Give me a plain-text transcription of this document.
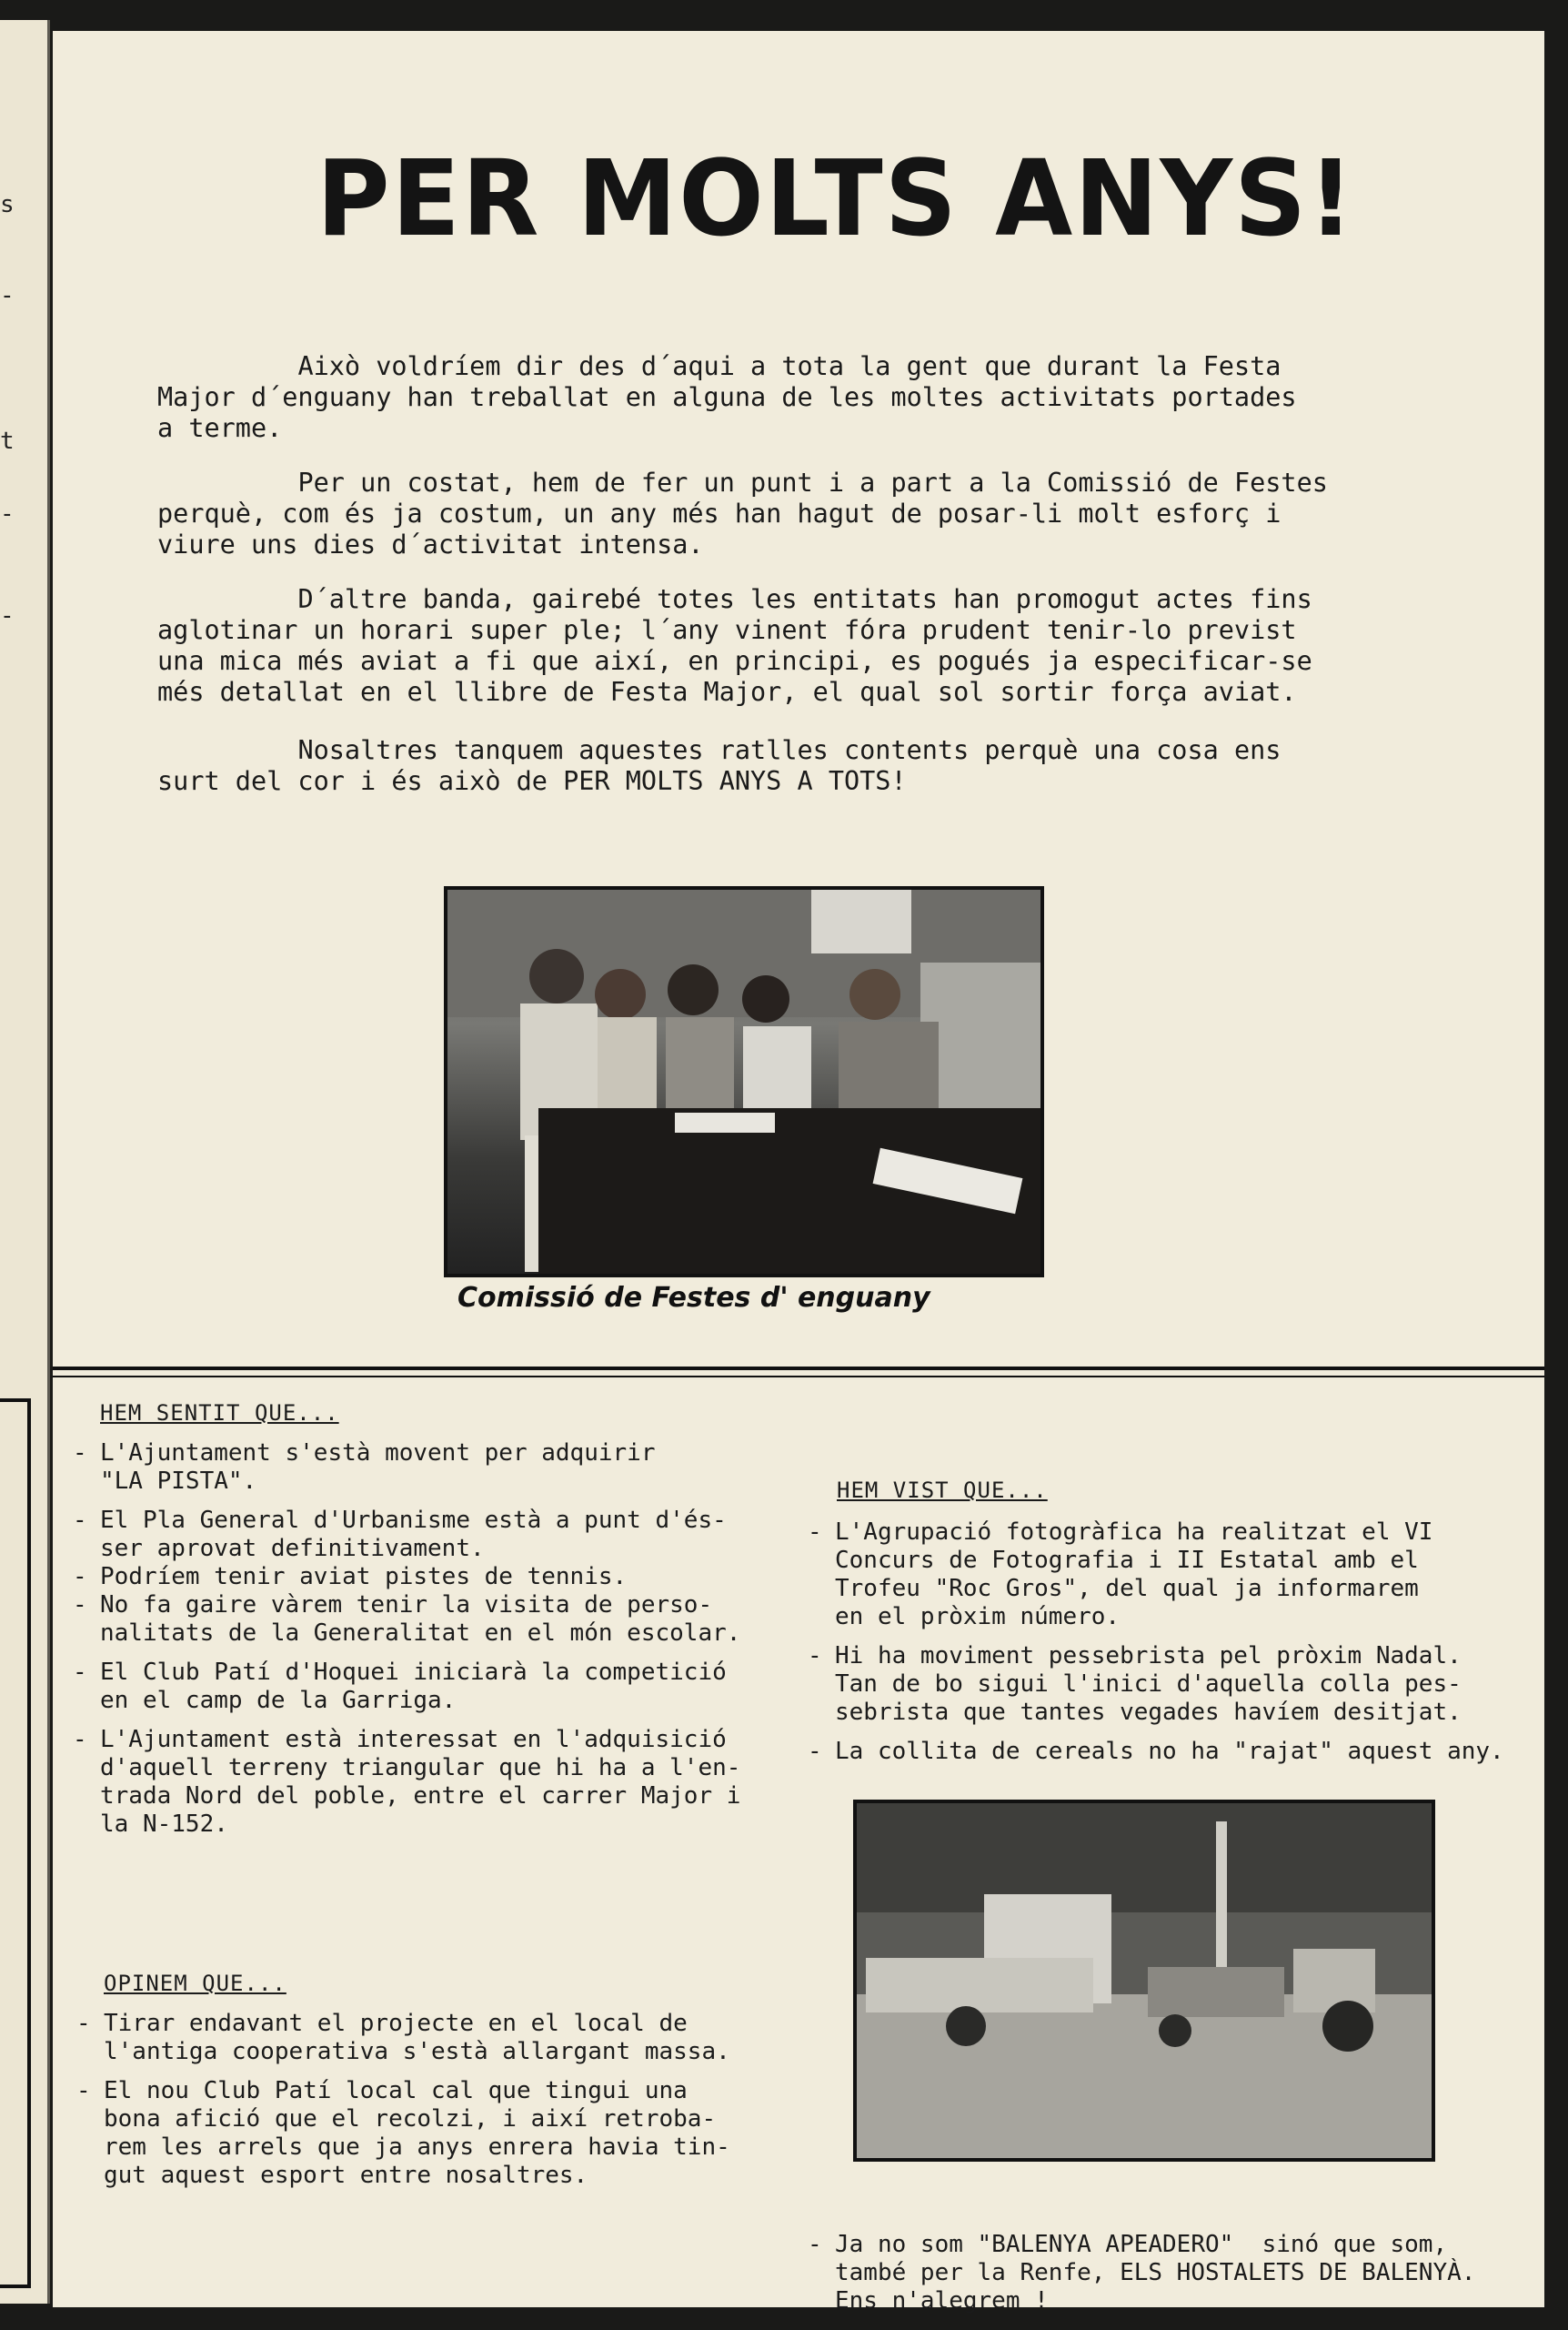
s
-
t
-
-
PER MOLTS ANYS!
Això voldríem dir des d´aqui a tota la gent que durant la Festa
Major d´enguany han treballat en alguna de les moltes activitats portades
a terme.
Per un costat, hem de fer un punt i a part a la Comissió de Festes
perquè, com és ja costum, un any més han hagut de posar-li molt esforç i
viure uns dies d´activitat intensa.
D´altre banda, gairebé totes les entitats han promogut actes fins
aglotinar un horari super ple; l´any vinent fóra prudent tenir-lo previst
una mica més aviat a fi que així, en principi, es pogués ja especificar-se
més detallat en el llibre de Festa Major, el qual sol sortir força aviat.
Nosaltres tanquem aquestes ratlles contents perquè una cosa ens
surt del cor i és això de PER MOLTS ANYS A TOTS!
Comissió de Festes d' enguany
HEM SENTIT QUE...
- L'Ajuntament s'està movent per adquirir
"LA PISTA".
- El Pla General d'Urbanisme està a punt d'és-
ser aprovat definitivament.
- Podríem tenir aviat pistes de tennis.
- No fa gaire vàrem tenir la visita de perso-
nalitats de la Generalitat en el món escolar.
- El Club Patí d'Hoquei iniciarà la competició
en el camp de la Garriga.
- L'Ajuntament està interessat en l'adquisició
d'aquell terreny triangular que hi ha a l'en-
trada Nord del poble, entre el carrer Major i
la N-152.
OPINEM QUE...
- Tirar endavant el projecte en el local de
l'antiga cooperativa s'està allargant massa.
- El nou Club Patí local cal que tingui una
bona afició que el recolzi, i així retroba-
rem les arrels que ja anys enrera havia tin-
gut aquest esport entre nosaltres.
HEM VIST QUE...
- L'Agrupació fotogràfica ha realitzat el VI
Concurs de Fotografia i II Estatal amb el
Trofeu "Roc Gros", del qual ja informarem
en el pròxim número.
- Hi ha moviment pessebrista pel pròxim Nadal.
Tan de bo sigui l'inici d'aquella colla pes-
sebrista que tantes vegades havíem desitjat.
- La collita de cereals no ha "rajat" aquest any.
- Ja no som "BALENYA APEADERO"  sinó que som,
també per la Renfe, ELS HOSTALETS DE BALENYÀ.
Ens n'alegrem !
